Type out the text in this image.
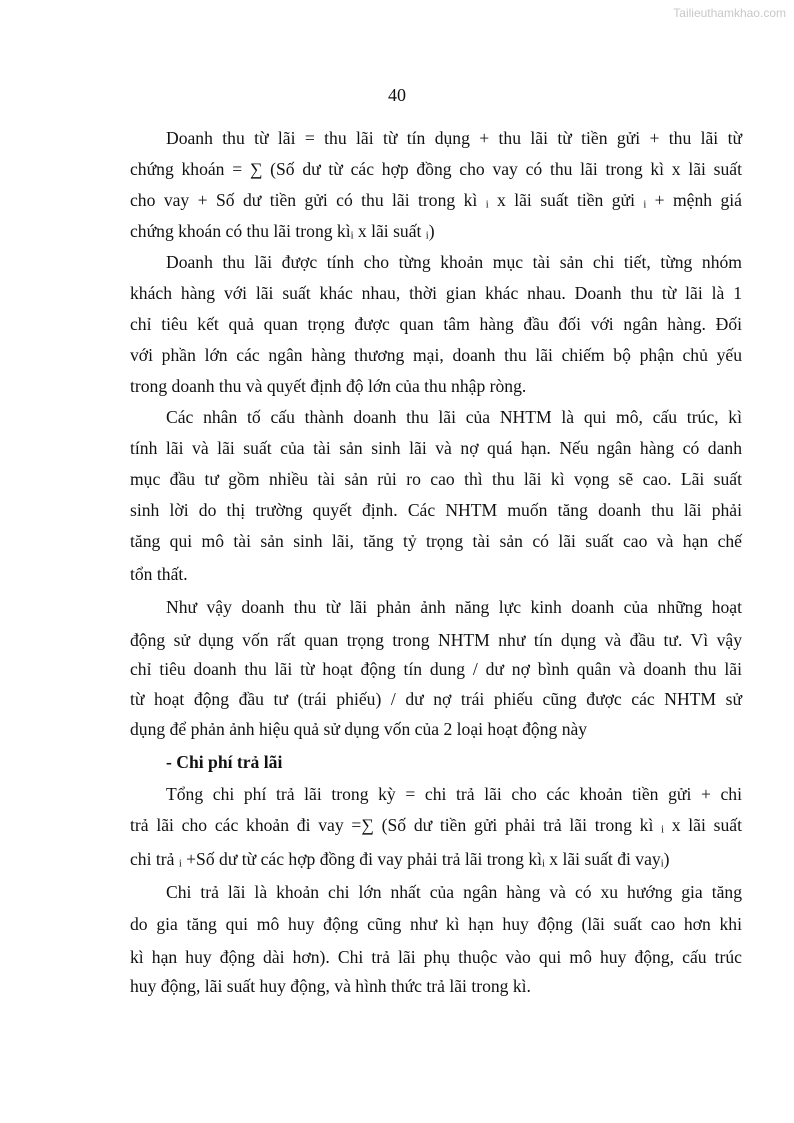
Tailieuthamkhao.com
40
Doanh thu từ lãi = thu lãi từ tín dụng + thu lãi từ tiền gửi + thu lãi từ
chứng khoán = ∑ (Số dư từ các hợp đồng cho vay có thu lãi trong kì x lãi suất
cho vay + Số dư tiền gửi có thu lãi trong kì ᵢ x lãi suất tiền gửi ᵢ + mệnh giá
chứng khoán có thu lãi trong kìᵢ x lãi suất ᵢ)
Doanh thu lãi được tính cho từng khoản mục tài sản chi tiết, từng nhóm
khách hàng với lãi suất khác nhau, thời gian khác nhau. Doanh thu từ lãi là 1
chỉ tiêu kết quả quan trọng được quan tâm hàng đầu đối với ngân hàng. Đối
với phần lớn các ngân hàng thương mại, doanh thu lãi chiếm bộ phận chủ yếu
trong doanh thu và quyết định độ lớn của thu nhập ròng.
Các nhân tố cấu thành doanh thu lãi của NHTM là qui mô, cấu trúc, kì
tính lãi và lãi suất của tài sản sinh lãi và nợ quá hạn. Nếu ngân hàng có danh
mục đầu tư gồm nhiều tài sản rủi ro cao thì thu lãi kì vọng sẽ cao. Lãi suất
sinh lời do thị trường quyết định. Các NHTM muốn tăng doanh thu lãi phải
tăng qui mô tài sản sinh lãi, tăng tỷ trọng tài sản có lãi suất cao và hạn chế
tổn thất.
Như vậy doanh thu từ lãi phản ảnh năng lực kinh doanh của những hoạt
động sử dụng vốn rất quan trọng trong NHTM như tín dụng và đầu tư. Vì vậy
chỉ tiêu doanh thu lãi từ hoạt động tín dung / dư nợ bình quân và doanh thu lãi
từ hoạt động đầu tư (trái phiếu) / dư nợ trái phiếu cũng được các NHTM sử
dụng để phản ảnh hiệu quả sử dụng vốn của 2 loại hoạt động này
- Chi phí trả lãi
Tổng chi phí trả lãi trong kỳ = chi trả lãi cho các khoản tiền gửi + chi
trả lãi cho các khoản đi vay =∑ (Số dư tiền gửi phải trả lãi trong kì ᵢ x lãi suất
chi trả ᵢ +Số dư từ các hợp đồng đi vay phải trả lãi trong kìᵢ x lãi suất đi vayᵢ)
Chi trả lãi là khoản chi lớn nhất của ngân hàng và có xu hướng gia tăng
do gia tăng qui mô huy động cũng như kì hạn huy động (lãi suất cao hơn khi
kì hạn huy động dài hơn). Chi trả lãi phụ thuộc vào qui mô huy động, cấu trúc
huy động, lãi suất huy động, và hình thức trả lãi trong kì.
